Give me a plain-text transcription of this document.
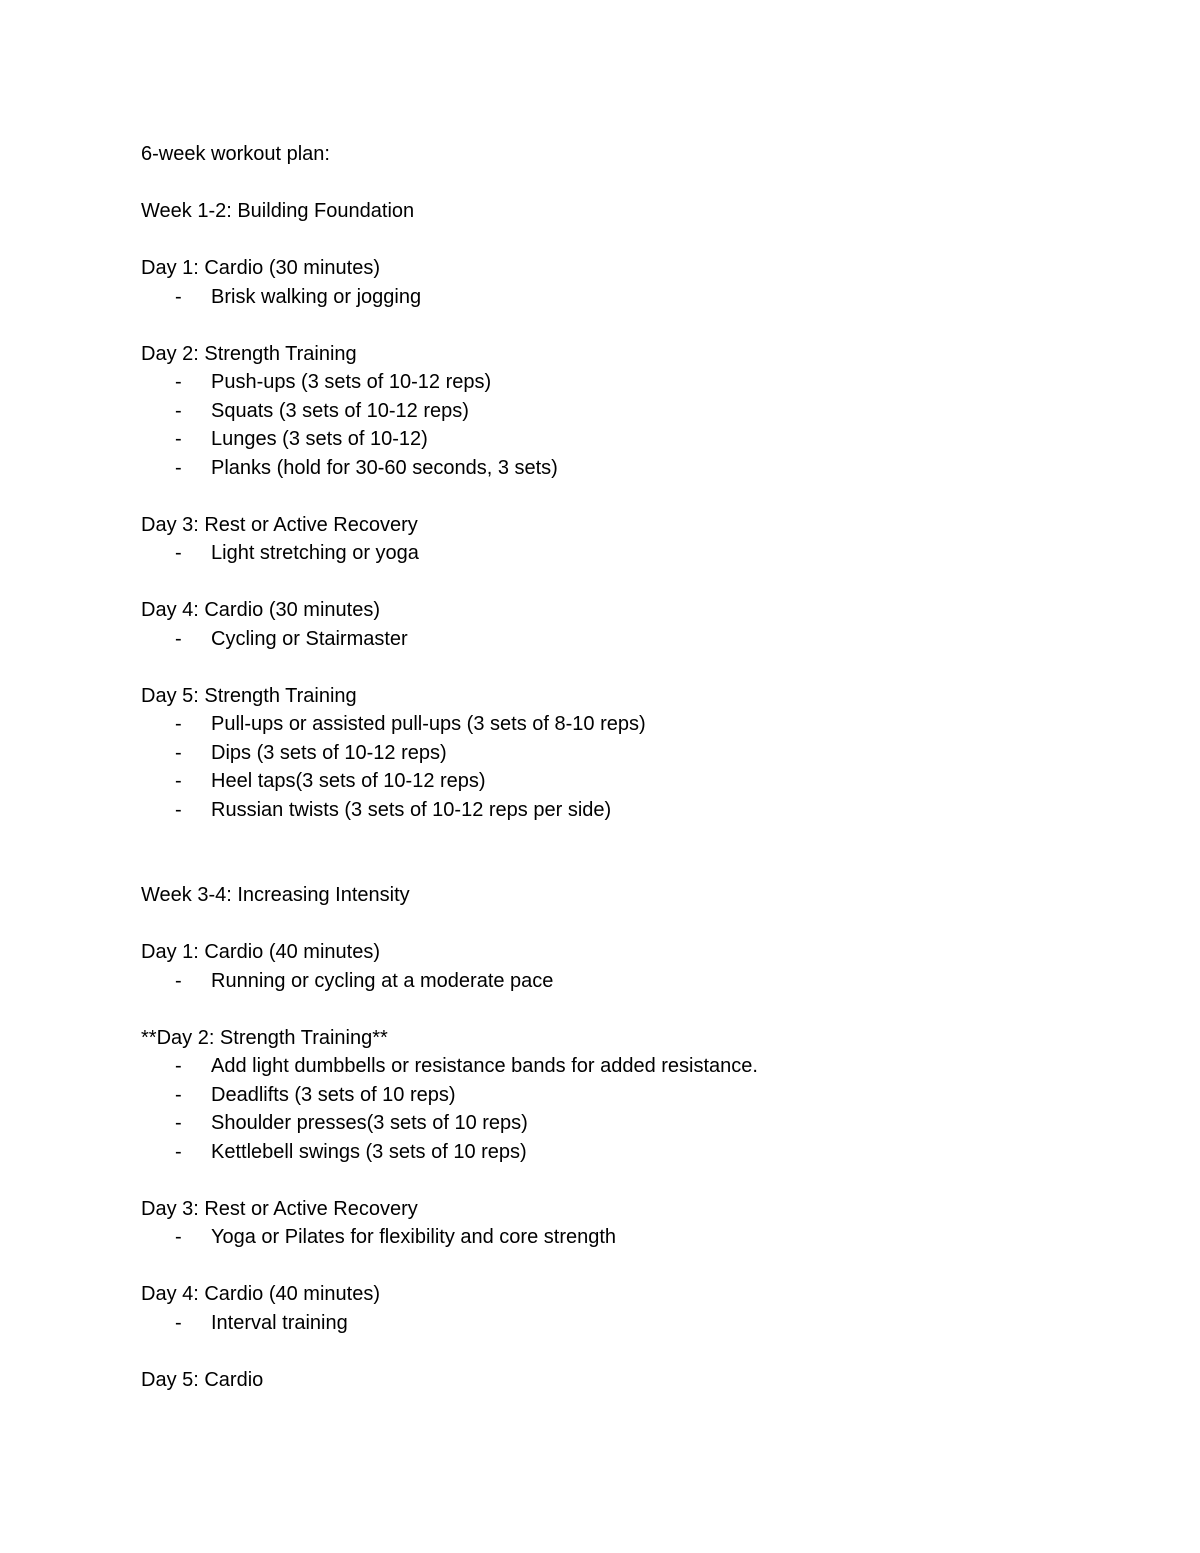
6-week workout plan:
Week 1-2: Building Foundation
Day 1: Cardio (30 minutes)
- Brisk walking or jogging
Day 2: Strength Training
- Push-ups (3 sets of 10-12 reps)
- Squats (3 sets of 10-12 reps)
- Lunges (3 sets of 10-12)
- Planks (hold for 30-60 seconds, 3 sets)
Day 3: Rest or Active Recovery
- Light stretching or yoga
Day 4: Cardio (30 minutes)
- Cycling or Stairmaster
Day 5: Strength Training
- Pull-ups or assisted pull-ups (3 sets of 8-10 reps)
- Dips (3 sets of 10-12 reps)
- Heel taps(3 sets of 10-12 reps)
- Russian twists (3 sets of 10-12 reps per side)
Week 3-4: Increasing Intensity
Day 1: Cardio (40 minutes)
- Running or cycling at a moderate pace
**Day 2: Strength Training**
- Add light dumbbells or resistance bands for added resistance.
- Deadlifts (3 sets of 10 reps)
- Shoulder presses(3 sets of 10 reps)
- Kettlebell swings (3 sets of 10 reps)
Day 3: Rest or Active Recovery
- Yoga or Pilates for flexibility and core strength
Day 4: Cardio (40 minutes)
- Interval training
Day 5: Cardio
